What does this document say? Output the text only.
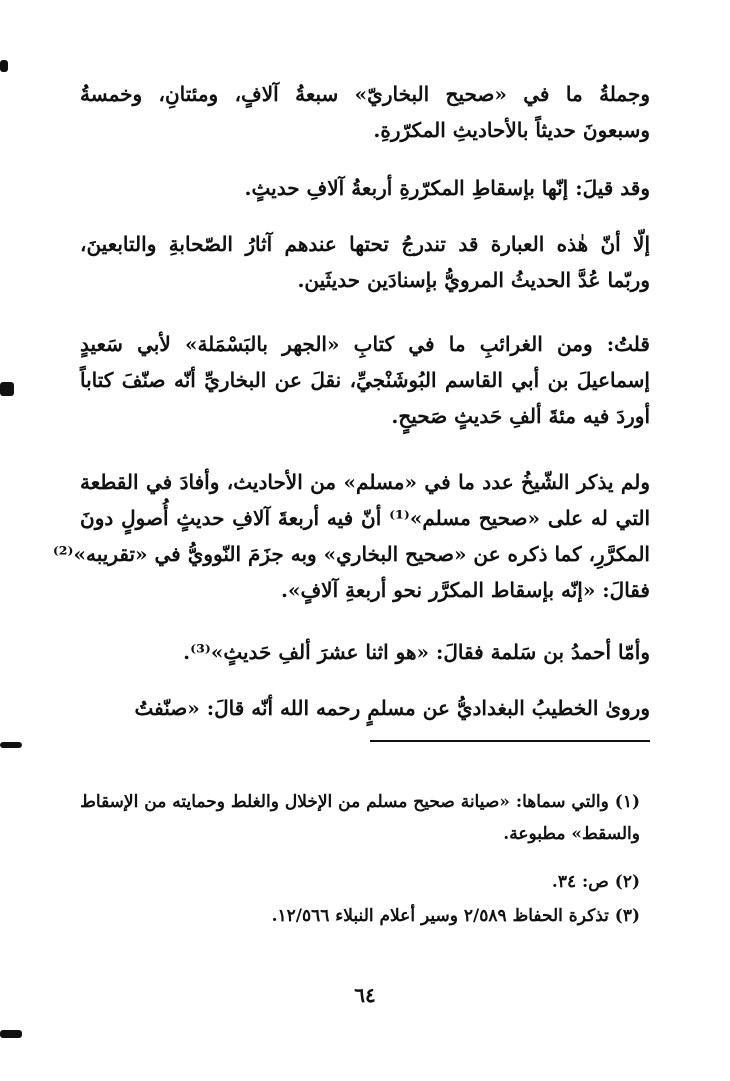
وجملةُ ما في «صحيح البخاريّ» سبعةُ آلافٍ، ومئتانِ، وخمسةُ
وسبعونَ حديثاً بالأحاديثِ المكرّرةِ.
وقد قيلَ: إنّها بإسقاطِ المكرّرةِ أربعةُ آلافِ حديثٍ.
إلّا أنّ هٰذه العبارة قد تندرجُ تحتها عندهم آثارُ الصّحابةِ والتابعينَ،
وربّما عُدَّ الحديثُ المرويُّ بإسنادَين حديثَين.
قلتُ: ومن الغرائبِ ما في كتابِ «الجهر بالبَسْمَلة» لأبي سَعيدٍ
إسماعيلَ بن أبي القاسم البُوشَنْجيِّ، نقلَ عن البخاريِّ أنّه صنّفَ كتاباً
أوردَ فيه مئةَ ألفِ حَديثٍ صَحيحٍ.
ولم يذكر الشّيخُ عدد ما في «مسلم» من الأحاديث، وأفادَ في القطعة
التي له على «صحيح مسلم»⁽¹⁾ أنّ فيه أربعةَ آلافِ حديثٍ أُصولٍ دونَ
المكرَّرِ، كما ذكره عن «صحيح البخاري» وبه جزَمَ النّوويُّ في «تقريبه»⁽²⁾
فقالَ: «إنّه بإسقاط المكرَّر نحو أربعةِ آلافٍ».
وأمّا أحمدُ بن سَلمة فقالَ: «هو اثنا عشرَ ألفِ حَديثٍ»⁽³⁾.
وروىٰ الخطيبُ البغداديُّ عن مسلمٍ رحمه الله أنّه قالَ: «صنّفتُ
(١) والتي سماها: «صيانة صحيح مسلم من الإخلال والغلط وحمايته من الإسقاط
والسقط» مطبوعة.
(٢) ص: ٣٤.
(٣) تذكرة الحفاظ ٢/٥٨٩ وسير أعلام النبلاء ١٢/٥٦٦.
٦٤
